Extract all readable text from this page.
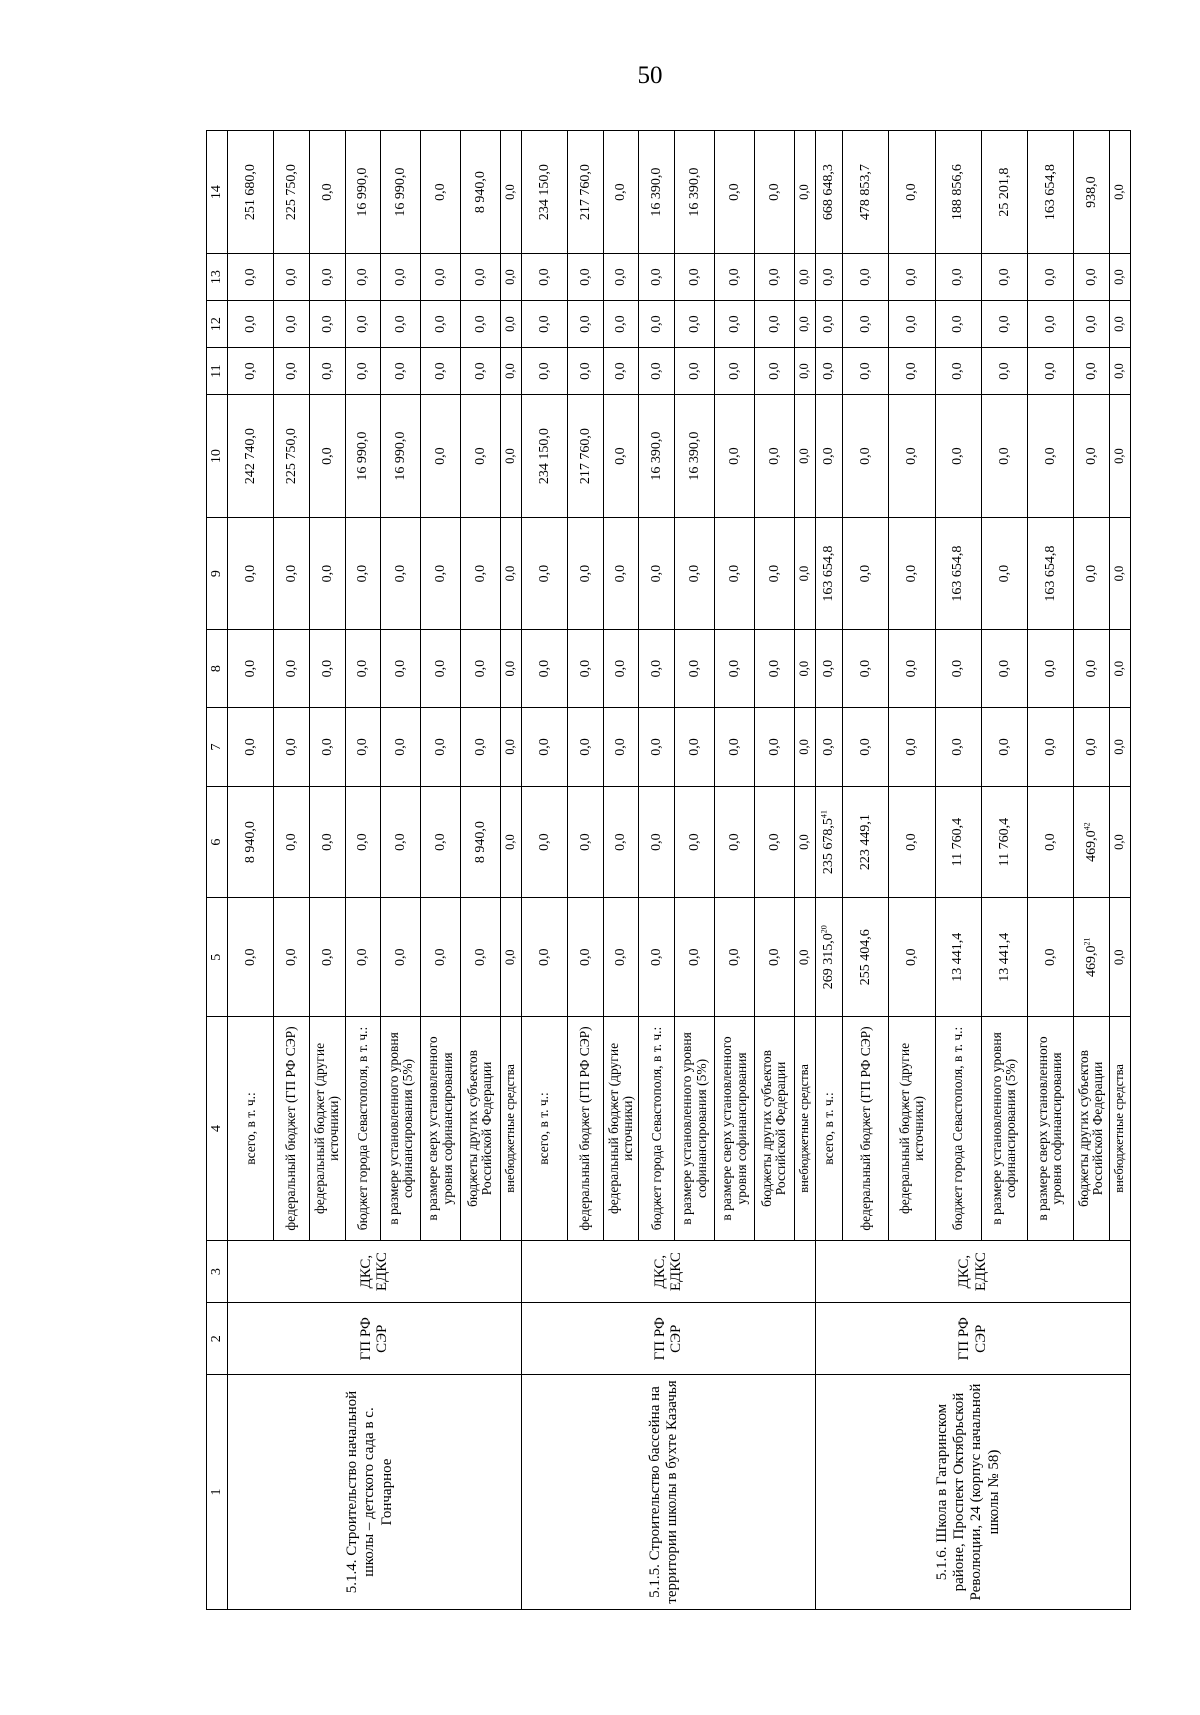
50
1	2	3	4	5	6	7	8	9	10	11	12	13	14
5.1.4. Строительство начальной школы – детского сада в с. Гончарное	ГП РФ СЭР	ДКС, ЕДКС	всего, в т. ч.:	0,0	8 940,0	0,0	0,0	0,0	242 740,0	0,0	0,0	0,0	251 680,0
			федеральный бюджет (ГП РФ СЭР)	0,0	0,0	0,0	0,0	0,0	225 750,0	0,0	0,0	0,0	225 750,0
			федеральный бюджет (другие источники)	0,0	0,0	0,0	0,0	0,0	0,0	0,0	0,0	0,0	0,0
			бюджет города Севастополя, в т. ч.:	0,0	0,0	0,0	0,0	0,0	16 990,0	0,0	0,0	0,0	16 990,0
			в размере установленного уровня софинансирования (5%)	0,0	0,0	0,0	0,0	0,0	16 990,0	0,0	0,0	0,0	16 990,0
			в размере сверх установленного уровня софинансирования	0,0	0,0	0,0	0,0	0,0	0,0	0,0	0,0	0,0	0,0
			бюджеты других субъектов Российской Федерации	0,0	8 940,0	0,0	0,0	0,0	0,0	0,0	0,0	0,0	8 940,0
			внебюджетные средства	0,0	0,0	0,0	0,0	0,0	0,0	0,0	0,0	0,0	0,0
5.1.5. Строительство бассейна на территории школы в бухте Казачья	ГП РФ СЭР	ДКС, ЕДКС	всего, в т. ч.:	0,0	0,0	0,0	0,0	0,0	234 150,0	0,0	0,0	0,0	234 150,0
			федеральный бюджет (ГП РФ СЭР)	0,0	0,0	0,0	0,0	0,0	217 760,0	0,0	0,0	0,0	217 760,0
			федеральный бюджет (другие источники)	0,0	0,0	0,0	0,0	0,0	0,0	0,0	0,0	0,0	0,0
			бюджет города Севастополя, в т. ч.:	0,0	0,0	0,0	0,0	0,0	16 390,0	0,0	0,0	0,0	16 390,0
			в размере установленного уровня софинансирования (5%)	0,0	0,0	0,0	0,0	0,0	16 390,0	0,0	0,0	0,0	16 390,0
			в размере сверх установленного уровня софинансирования	0,0	0,0	0,0	0,0	0,0	0,0	0,0	0,0	0,0	0,0
			бюджеты других субъектов Российской Федерации	0,0	0,0	0,0	0,0	0,0	0,0	0,0	0,0	0,0	0,0
			внебюджетные средства	0,0	0,0	0,0	0,0	0,0	0,0	0,0	0,0	0,0	0,0
5.1.6. Школа в Гагаринском районе, Проспект Октябрьской Революции, 24 (корпус начальной школы № 58)	ГП РФ СЭР	ДКС, ЕДКС	всего, в т. ч.:	269 315,0$^{20}$	235 678,5$^{41}$	0,0	0,0	163 654,8	0,0	0,0	0,0	0,0	668 648,3
			федеральный бюджет (ГП РФ СЭР)	255 404,6	223 449,1	0,0	0,0	0,0	0,0	0,0	0,0	0,0	478 853,7
			федеральный бюджет (другие источники)	0,0	0,0	0,0	0,0	0,0	0,0	0,0	0,0	0,0	0,0
			бюджет города Севастополя, в т. ч.:	13 441,4	11 760,4	0,0	0,0	163 654,8	0,0	0,0	0,0	0,0	188 856,6
			в размере установленного уровня софинансирования (5%)	13 441,4	11 760,4	0,0	0,0	0,0	0,0	0,0	0,0	0,0	25 201,8
			в размере сверх установленного уровня софинансирования	0,0	0,0	0,0	0,0	163 654,8	0,0	0,0	0,0	0,0	163 654,8
			бюджеты других субъектов Российской Федерации	469,0$^{21}$	469,0$^{42}$	0,0	0,0	0,0	0,0	0,0	0,0	0,0	938,0
			внебюджетные средства	0,0	0,0	0,0	0,0	0,0	0,0	0,0	0,0	0,0	0,0
